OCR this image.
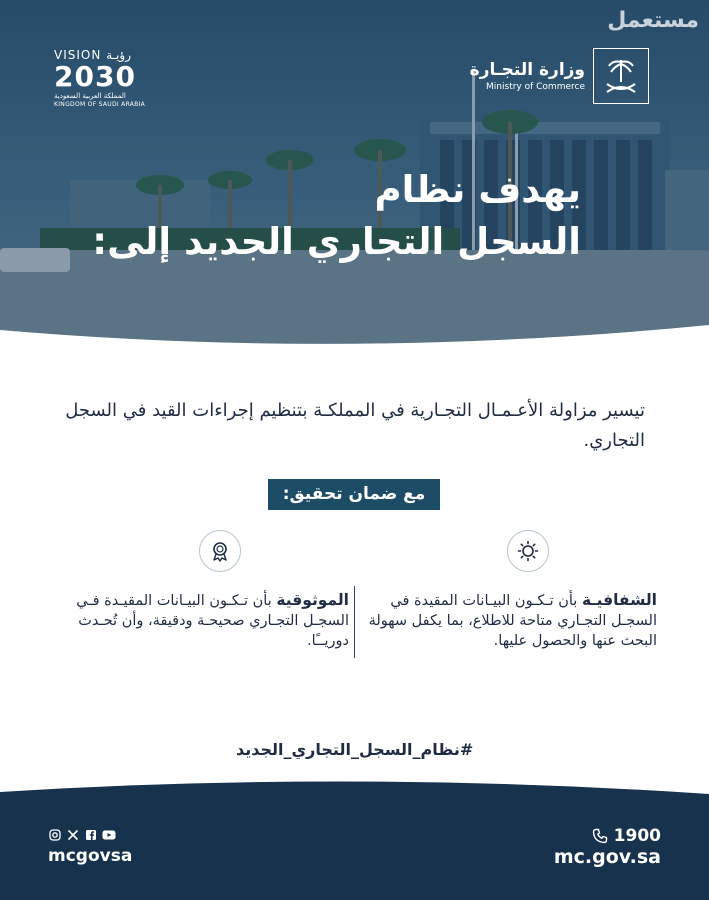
مستعمل
وزارة التجـارة
Ministry of Commerce
VISION رؤيـة
2030
المملكة العربية السعودية
KINGDOM OF SAUDI ARABIA
يهدف نظام
السجل التجاري الجديد إلى:
تيسير مزاولة الأعـمـال التجـارية في المملكـة بتنظيم إجراءات القيد في السجل التجاري.
مع ضمان تحقيق:
الشفافيـة بأن تـكـون البيـانات المقيدة في السجـل التجـاري متاحة للاطلاع، بما يكفل سهولة البحث عنها والحصول عليها.
الموثوقية بأن تـكـون البيـانات المقيـدة فـي السجـل التجـاري صحيحـة ودقيقة، وأن تُحـدث دوريــًا.
#نظام_السجل_التجاري_الجديد
1900
mc.gov.sa
mcgovsa
